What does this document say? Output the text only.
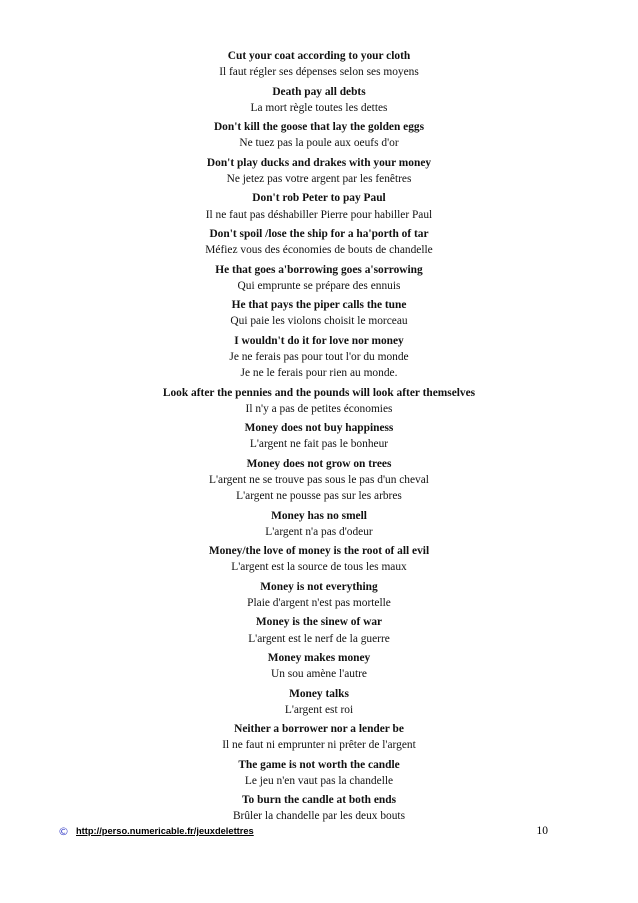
Cut your coat according to your cloth
Il faut régler ses dépenses selon ses moyens
Death pay all debts
La mort règle toutes les dettes
Don't kill the goose that lay the golden eggs
Ne tuez pas la poule aux oeufs d'or
Don't play ducks and drakes with your money
Ne jetez pas votre argent par les fenêtres
Don't rob Peter to pay Paul
Il ne faut pas déshabiller Pierre pour habiller Paul
Don't spoil /lose the ship for a ha'porth of tar
Méfiez vous des économies de bouts de chandelle
He that goes a'borrowing goes a'sorrowing
Qui emprunte se prépare des ennuis
He that pays the piper calls the tune
Qui paie les violons choisit le morceau
I wouldn't do it for love nor money
Je ne ferais pas pour tout l'or du monde
Je ne le ferais pour rien au monde.
Look after the pennies and the pounds will look after themselves
Il n'y a pas de petites économies
Money does not buy happiness
L'argent ne fait pas le bonheur
Money does not grow on trees
L'argent ne se trouve pas sous le pas d'un cheval
L'argent ne pousse pas sur les arbres
Money has no smell
L'argent n'a pas d'odeur
Money/the love of money is the root of all evil
L'argent est la source de tous les maux
Money is not everything
Plaie d'argent n'est pas mortelle
Money is the sinew of war
L'argent est le nerf de la guerre
Money makes money
Un sou amène l'autre
Money talks
L'argent est roi
Neither a borrower nor a lender be
Il ne faut ni emprunter ni prêter de l'argent
The game is not worth the candle
Le jeu n'en vaut pas la chandelle
To burn the candle at both ends
Brûler la chandelle par les deux bouts
© http://perso.numericable.fr/jeuxdelettres	10
